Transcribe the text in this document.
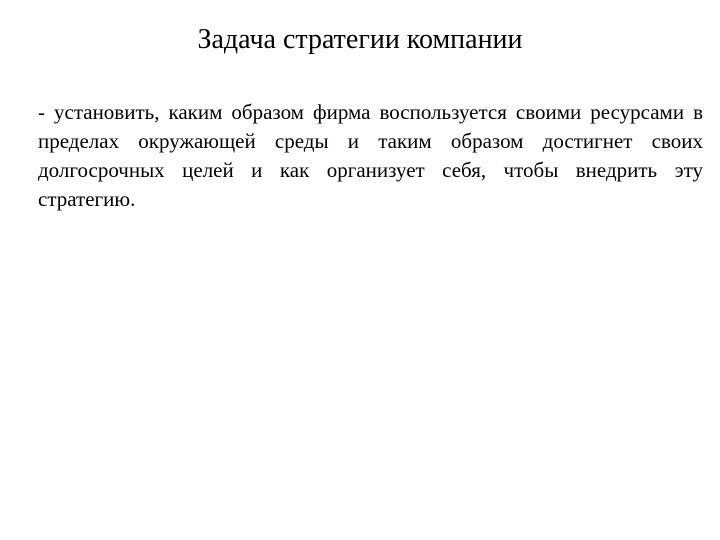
Задача стратегии компании
- установить, каким образом фирма воспользуется своими ресурсами в пределах окружающей среды и таким образом достигнет своих долгосрочных целей и как организует себя, чтобы внедрить эту стратегию.
